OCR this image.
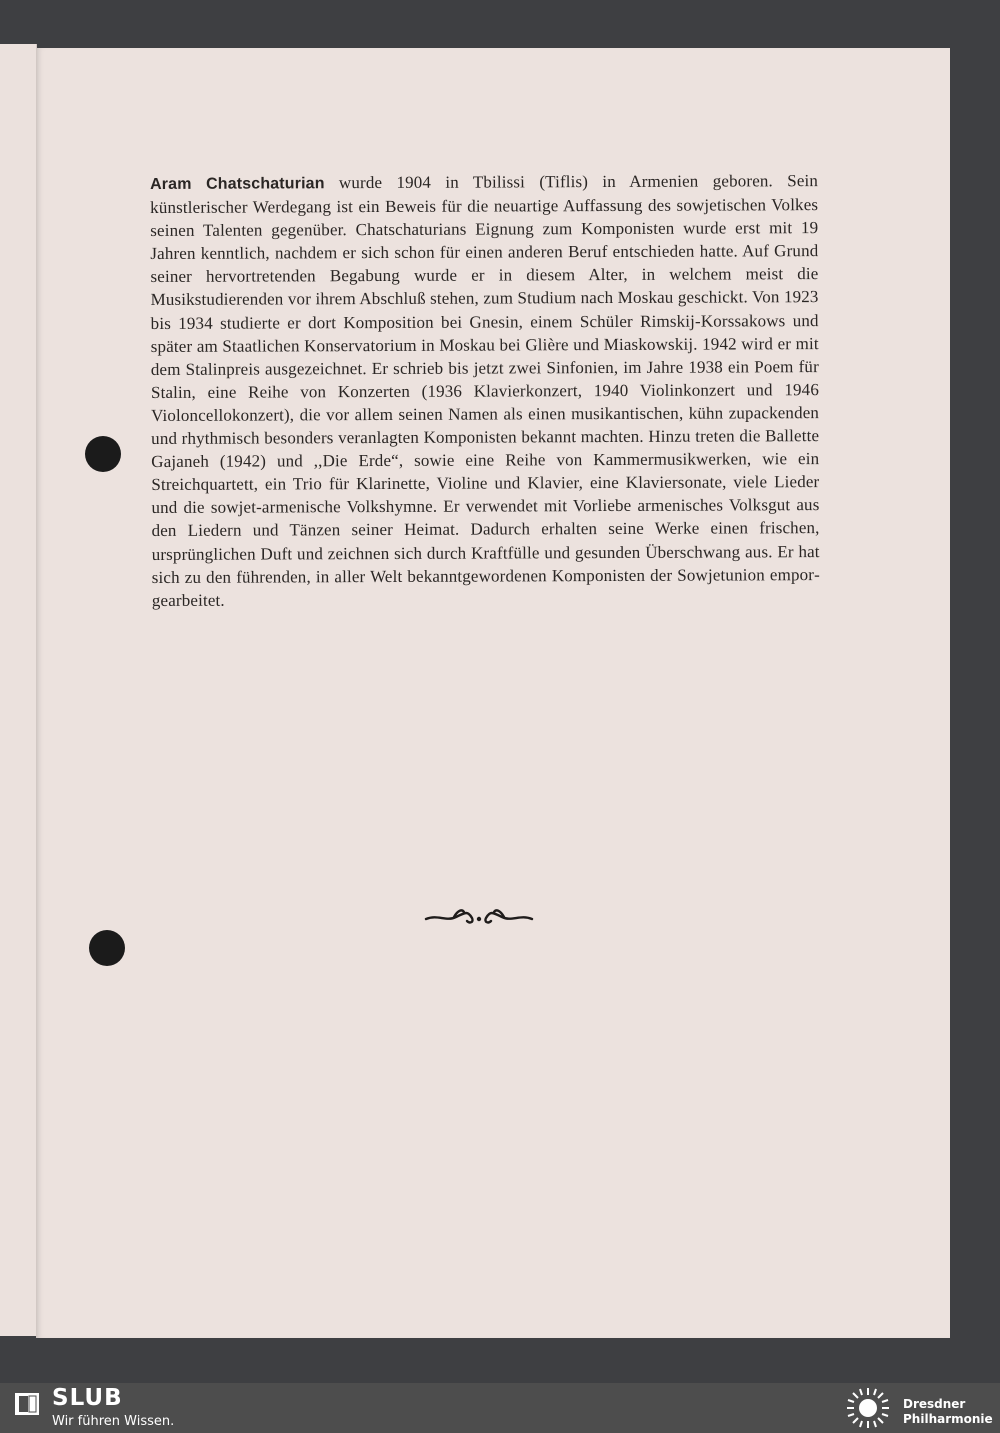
Aram Chatschaturian wurde 1904 in Tbilissi (Tiflis) in Armenien geboren. Sein künstlerischer Werdegang ist ein Beweis für die neuartige Auffassung des sowjetischen Volkes seinen Talenten gegenüber. Chatschaturians Eignung zum Komponisten wurde erst mit 19 Jahren kenntlich, nachdem er sich schon für einen anderen Beruf entschieden hatte. Auf Grund seiner hervortretenden Begabung wurde er in diesem Alter, in welchem meist die Musikstudierenden vor ihrem Abschluß stehen, zum Studium nach Moskau geschickt. Von 1923 bis 1934 studierte er dort Komposition bei Gnesin, einem Schüler Rimskij-Korssakows und später am Staatlichen Konservatorium in Moskau bei Glière und Miaskowskij. 1942 wird er mit dem Stalinpreis ausgezeichnet. Er schrieb bis jetzt zwei Sinfonien, im Jahre 1938 ein Poem für Stalin, eine Reihe von Konzerten (1936 Klavierkonzert, 1940 Violinkonzert und 1946 Violoncellokonzert), die vor allem seinen Namen als einen musikantischen, kühn zupackenden und rhythmisch besonders veranlagten Komponisten bekannt machten. Hinzu treten die Ballette Gajaneh (1942) und ,,Die Erde“, sowie eine Reihe von Kammermusikwerken, wie ein Streichquartett, ein Trio für Klarinette, Violine und Klavier, eine Klaviersonate, viele Lieder und die sowjet-armenische Volkshymne. Er verwendet mit Vorliebe armenisches Volksgut aus den Liedern und Tänzen seiner Heimat. Dadurch erhalten seine Werke einen frischen, ursprünglichen Duft und zeichnen sich durch Kraftfülle und gesunden Überschwang aus. Er hat sich zu den führenden, in aller Welt bekanntgewordenen Komponisten der Sowjetunion emporgearbeitet.

SLUB
Wir führen Wissen.
Dresdner
Philharmonie
